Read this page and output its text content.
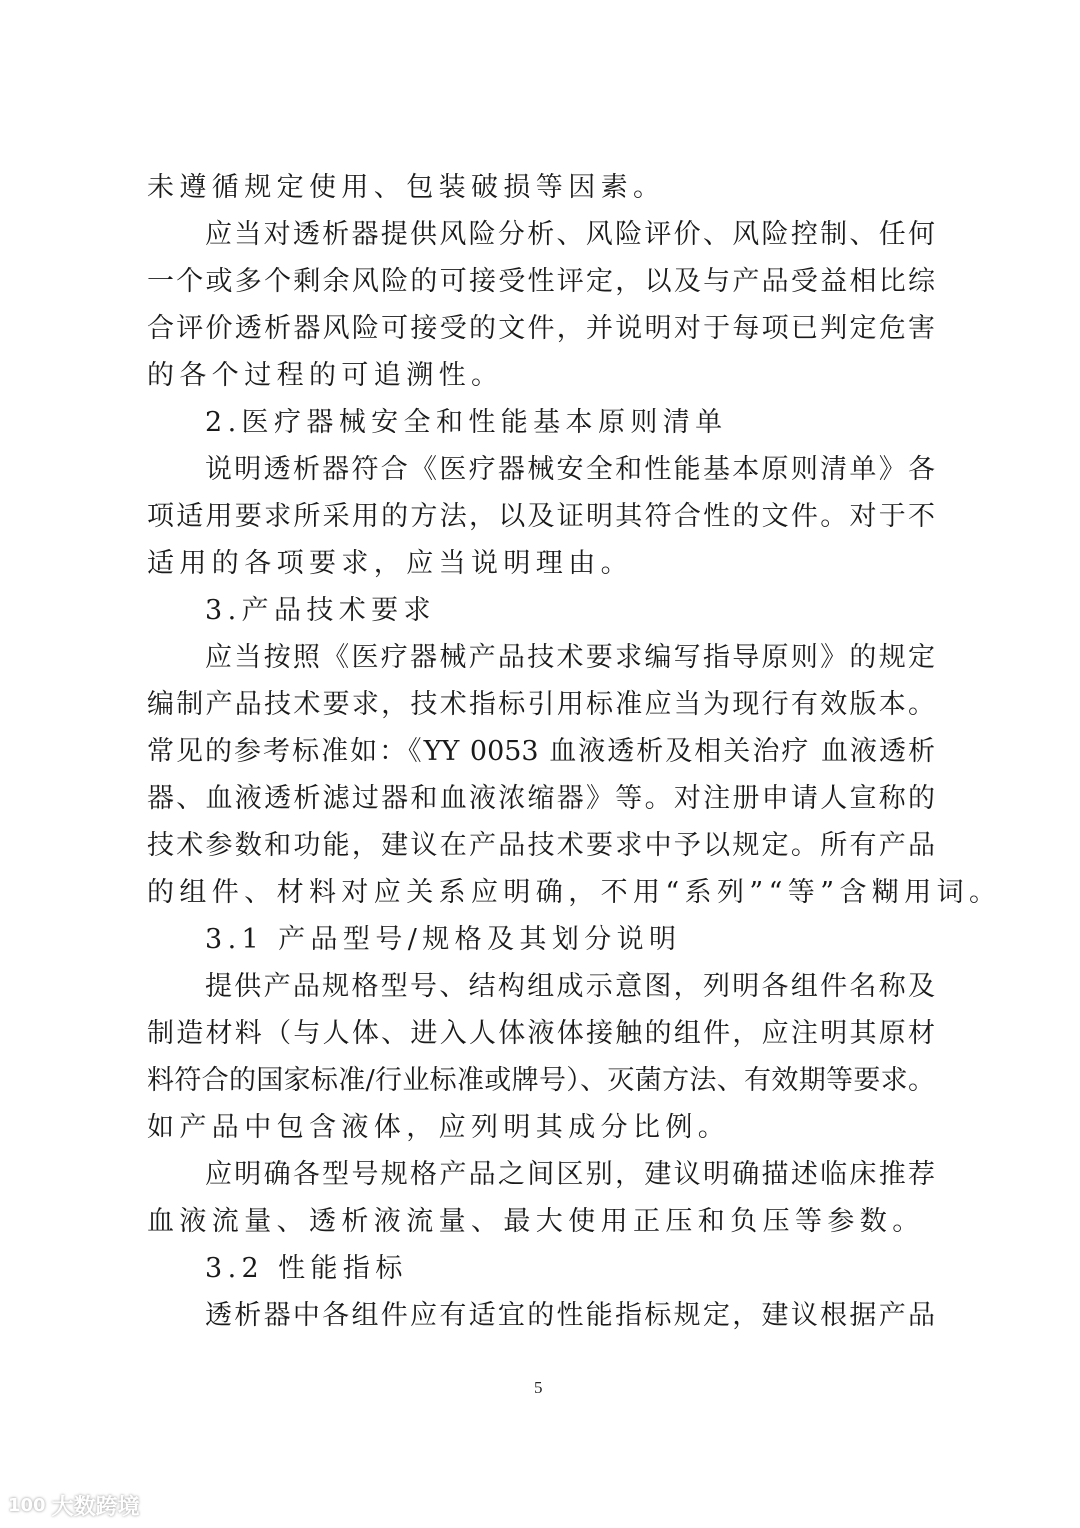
未遵循规定使用、包装破损等因素。
应当对透析器提供风险分析、风险评价、风险控制、任何
一个或多个剩余风险的可接受性评定，以及与产品受益相比综
合评价透析器风险可接受的文件，并说明对于每项已判定危害
的各个过程的可追溯性。
2.医疗器械安全和性能基本原则清单
说明透析器符合《医疗器械安全和性能基本原则清单》各
项适用要求所采用的方法，以及证明其符合性的文件。对于不
适用的各项要求，应当说明理由。
3.产品技术要求
应当按照《医疗器械产品技术要求编写指导原则》的规定
编制产品技术要求，技术指标引用标准应当为现行有效版本。
常见的参考标准如：《YY 0053 血液透析及相关治疗 血液透析
器、血液透析滤过器和血液浓缩器》等。对注册申请人宣称的
技术参数和功能，建议在产品技术要求中予以规定。所有产品
的组件、材料对应关系应明确，不用“系列”“等”含糊用词。
3.1 产品型号/规格及其划分说明
提供产品规格型号、结构组成示意图，列明各组件名称及
制造材料（与人体、进入人体液体接触的组件，应注明其原材
料符合的国家标准/行业标准或牌号）、灭菌方法、有效期等要求。
如产品中包含液体，应列明其成分比例。
应明确各型号规格产品之间区别，建议明确描述临床推荐
血液流量、透析液流量、最大使用正压和负压等参数。
3.2 性能指标
透析器中各组件应有适宜的性能指标规定，建议根据产品
5
100 大数跨境
